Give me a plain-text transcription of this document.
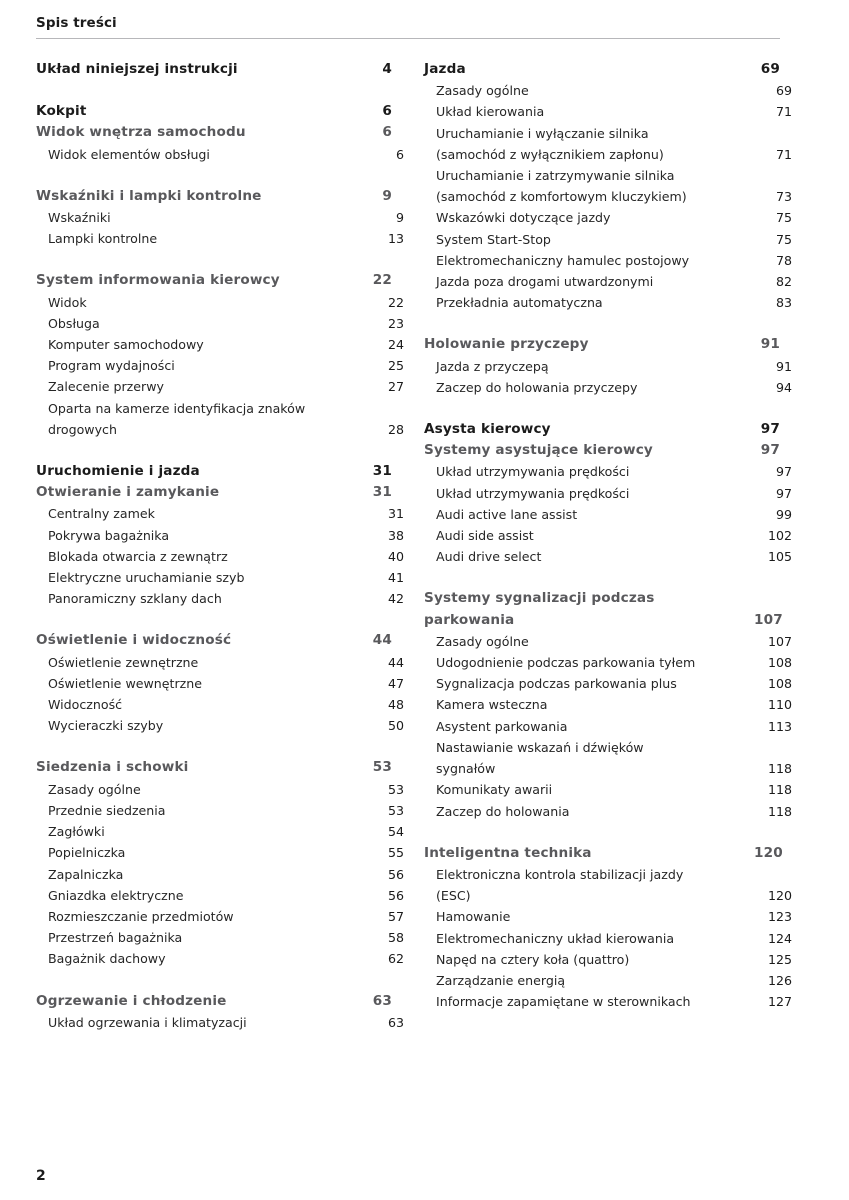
Spis treści
Układ niniejszej instrukcji . . .	4
Kokpit . . .	6
Widok wnętrza samochodu . . .	6
Widok elementów obsługi . . .	6
Wskaźniki i lampki kontrolne . . .	9
Wskaźniki . . .	9
Lampki kontrolne . . .	13
System informowania kierowcy . . .	22
Widok . . .	22
Obsługa . . .	23
Komputer samochodowy . . .	24
Program wydajności . . .	25
Zalecenie przerwy . . .	27
Oparta na kamerze identyfikacja znaków
drogowych . . .	28
Uruchomienie i jazda . . .	31
Otwieranie i zamykanie . . .	31
Centralny zamek . . .	31
Pokrywa bagażnika . . .	38
Blokada otwarcia z zewnątrz . . .	40
Elektryczne uruchamianie szyb . . .	41
Panoramiczny szklany dach . . .	42
Oświetlenie i widoczność . . .	44
Oświetlenie zewnętrzne . . .	44
Oświetlenie wewnętrzne . . .	47
Widoczność . . .	48
Wycieraczki szyby . . .	50
Siedzenia i schowki . . .	53
Zasady ogólne . . .	53
Przednie siedzenia . . .	53
Zagłówki . . .	54
Popielniczka . . .	55
Zapalniczka . . .	56
Gniazdka elektryczne . . .	56
Rozmieszczanie przedmiotów . . .	57
Przestrzeń bagażnika . . .	58
Bagażnik dachowy . . .	62
Ogrzewanie i chłodzenie . . .	63
Układ ogrzewania i klimatyzacji . . .	63
Jazda . . .	69
Zasady ogólne . . .	69
Układ kierowania . . .	71
Uruchamianie i wyłączanie silnika
(samochód z wyłącznikiem zapłonu) . . .	71
Uruchamianie i zatrzymywanie silnika
(samochód z komfortowym kluczykiem) . . .	73
Wskazówki dotyczące jazdy . . .	75
System Start-Stop . . .	75
Elektromechaniczny hamulec postojowy . . .	78
Jazda poza drogami utwardzonymi . . .	82
Przekładnia automatyczna . . .	83
Holowanie przyczepy . . .	91
Jazda z przyczepą . . .	91
Zaczep do holowania przyczepy . . .	94
Asysta kierowcy . . .	97
Systemy asystujące kierowcy . . .	97
Układ utrzymywania prędkości . . .	97
Układ utrzymywania prędkości . . .	97
Audi active lane assist . . .	99
Audi side assist . . .	102
Audi drive select . . .	105
Systemy sygnalizacji podczas
parkowania . . .	107
Zasady ogólne . . .	107
Udogodnienie podczas parkowania tyłem . . .	108
Sygnalizacja podczas parkowania plus . . .	108
Kamera wsteczna . . .	110
Asystent parkowania . . .	113
Nastawianie wskazań i dźwięków
sygnałów . . .	118
Komunikaty awarii . . .	118
Zaczep do holowania . . .	118
Inteligentna technika . . .	120
Elektroniczna kontrola stabilizacji jazdy
(ESC) . . .	120
Hamowanie . . .	123
Elektromechaniczny układ kierowania . . .	124
Napęd na cztery koła (quattro) . . .	125
Zarządzanie energią . . .	126
Informacje zapamiętane w sterownikach . . .	127
2
